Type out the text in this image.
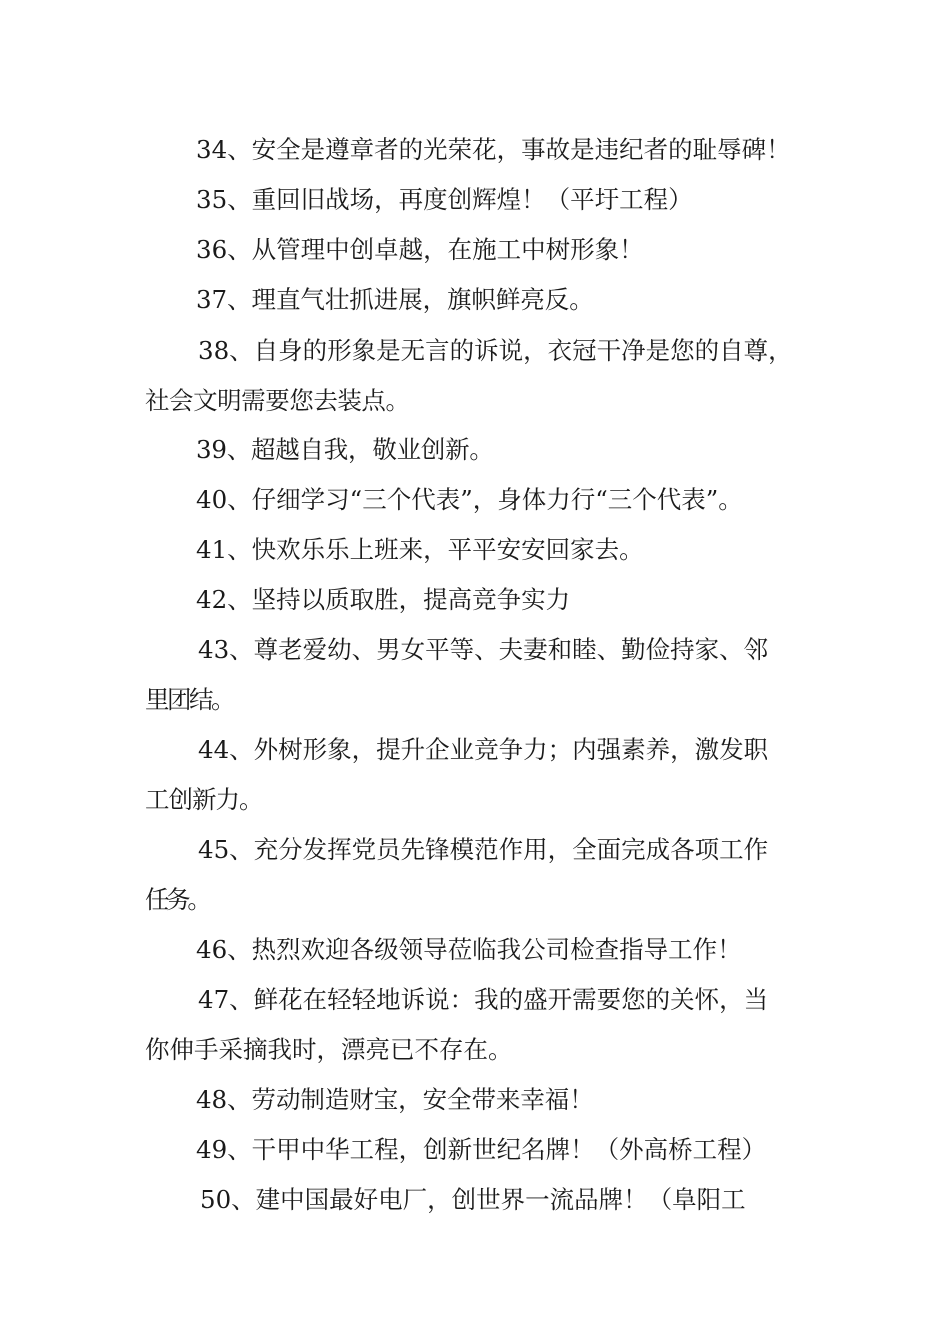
34、安全是遵章者的光荣花，事故是违纪者的耻辱碑！
35、重回旧战场，再度创辉煌！（平圩工程）
36、从管理中创卓越，在施工中树形象！
37、理直气壮抓进展，旗帜鲜亮反。
38、自身的形象是无言的诉说，衣冠干净是您的自尊，
社会文明需要您去装点。
39、超越自我，敬业创新。
40、仔细学习“三个代表”，身体力行“三个代表”。
41、快欢乐乐上班来，平平安安回家去。
42、坚持以质取胜，提高竞争实力
43、尊老爱幼、男女平等、夫妻和睦、勤俭持家、邻
里团结。
44、外树形象，提升企业竞争力；内强素养，激发职
工创新力。
45、充分发挥党员先锋模范作用，全面完成各项工作
任务。
46、热烈欢迎各级领导莅临我公司检查指导工作！
47、鲜花在轻轻地诉说：我的盛开需要您的关怀，当
你伸手采摘我时，漂亮已不存在。
48、劳动制造财宝，安全带来幸福！
49、干甲中华工程，创新世纪名牌！（外高桥工程）
50、建中国最好电厂，创世界一流品牌！（阜阳工
